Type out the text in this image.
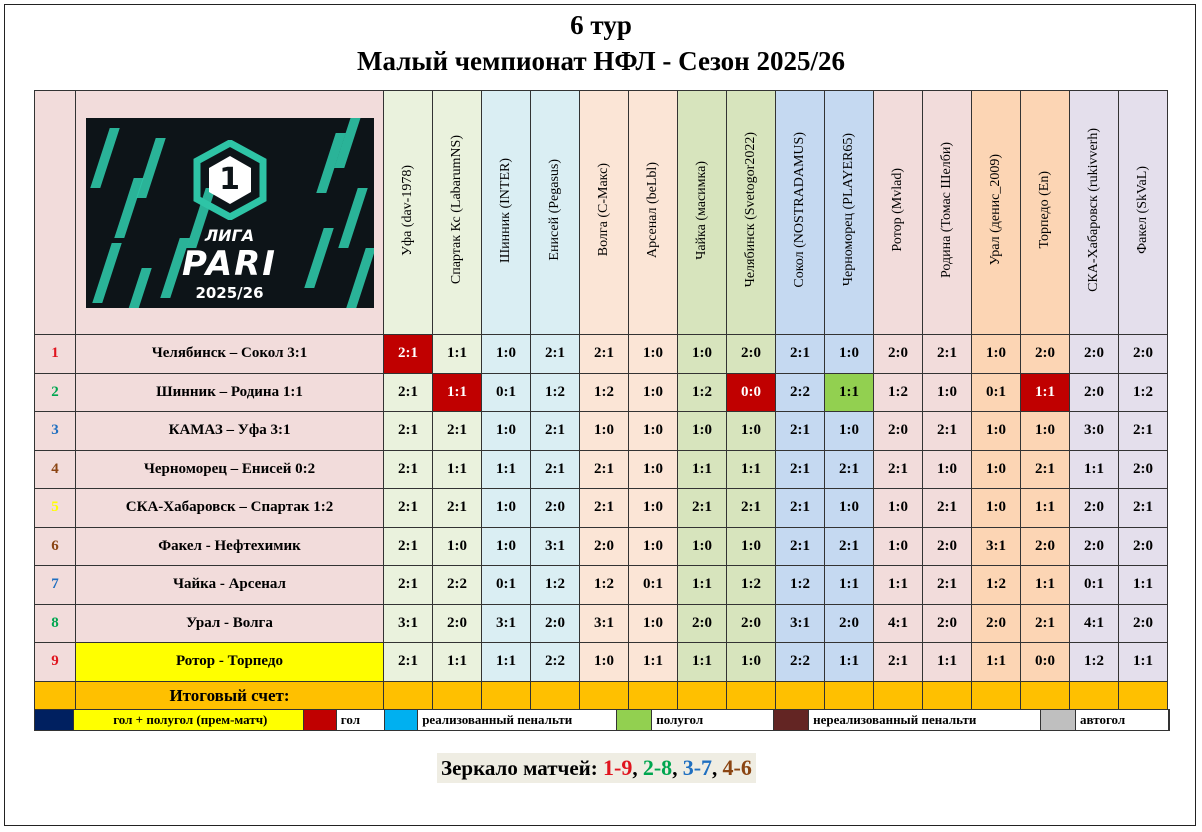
6 тур
Малый чемпионат НФЛ - Сезон 2025/26

	1
ЛИГА
PARI
2025/26	Уфа (dav-1978)	Спартак Кс (LabarumNS)	Шинник (INTER)	Енисей (Pegasus)	Волга (С-Макс)	Арсенал (beLbl)	Чайка (масимка)	Челябинск (Svetogor2022)	Сокол (NOSTRADAMUS)	Черноморец (PLAYER65)	Ротор (Mvlad)	Родина (Томас Шелби)	Урал (денис_2009)	Торпедо (En)	СКА-Хабаровск (rukivverh)	Факел (SkVaL)
1	Челябинск – Сокол 3:1	2:1	1:1	1:0	2:1	2:1	1:0	1:0	2:0	2:1	1:0	2:0	2:1	1:0	2:0	2:0	2:0
2	Шинник – Родина 1:1	2:1	1:1	0:1	1:2	1:2	1:0	1:2	0:0	2:2	1:1	1:2	1:0	0:1	1:1	2:0	1:2
3	КАМАЗ – Уфа 3:1	2:1	2:1	1:0	2:1	1:0	1:0	1:0	1:0	2:1	1:0	2:0	2:1	1:0	1:0	3:0	2:1
4	Черноморец – Енисей 0:2	2:1	1:1	1:1	2:1	2:1	1:0	1:1	1:1	2:1	2:1	2:1	1:0	1:0	2:1	1:1	2:0
5	СКА-Хабаровск – Спартак 1:2	2:1	2:1	1:0	2:0	2:1	1:0	2:1	2:1	2:1	1:0	1:0	2:1	1:0	1:1	2:0	2:1
6	Факел - Нефтехимик	2:1	1:0	1:0	3:1	2:0	1:0	1:0	1:0	2:1	2:1	1:0	2:0	3:1	2:0	2:0	2:0
7	Чайка - Арсенал	2:1	2:2	0:1	1:2	1:2	0:1	1:1	1:2	1:2	1:1	1:1	2:1	1:2	1:1	0:1	1:1
8	Урал - Волга	3:1	2:0	3:1	2:0	3:1	1:0	2:0	2:0	3:1	2:0	4:1	2:0	2:0	2:1	4:1	2:0
9	Ротор - Торпедо	2:1	1:1	1:1	2:2	1:0	1:1	1:1	1:0	2:2	1:1	2:1	1:1	1:1	0:0	1:2	1:1
	Итоговый счет:																
гол + полугол (прем-матч)	гол	реализованный пенальти	полугол	нереализованный пенальти	автогол
Зеркало матчей: 1-9, 2-8, 3-7, 4-6
